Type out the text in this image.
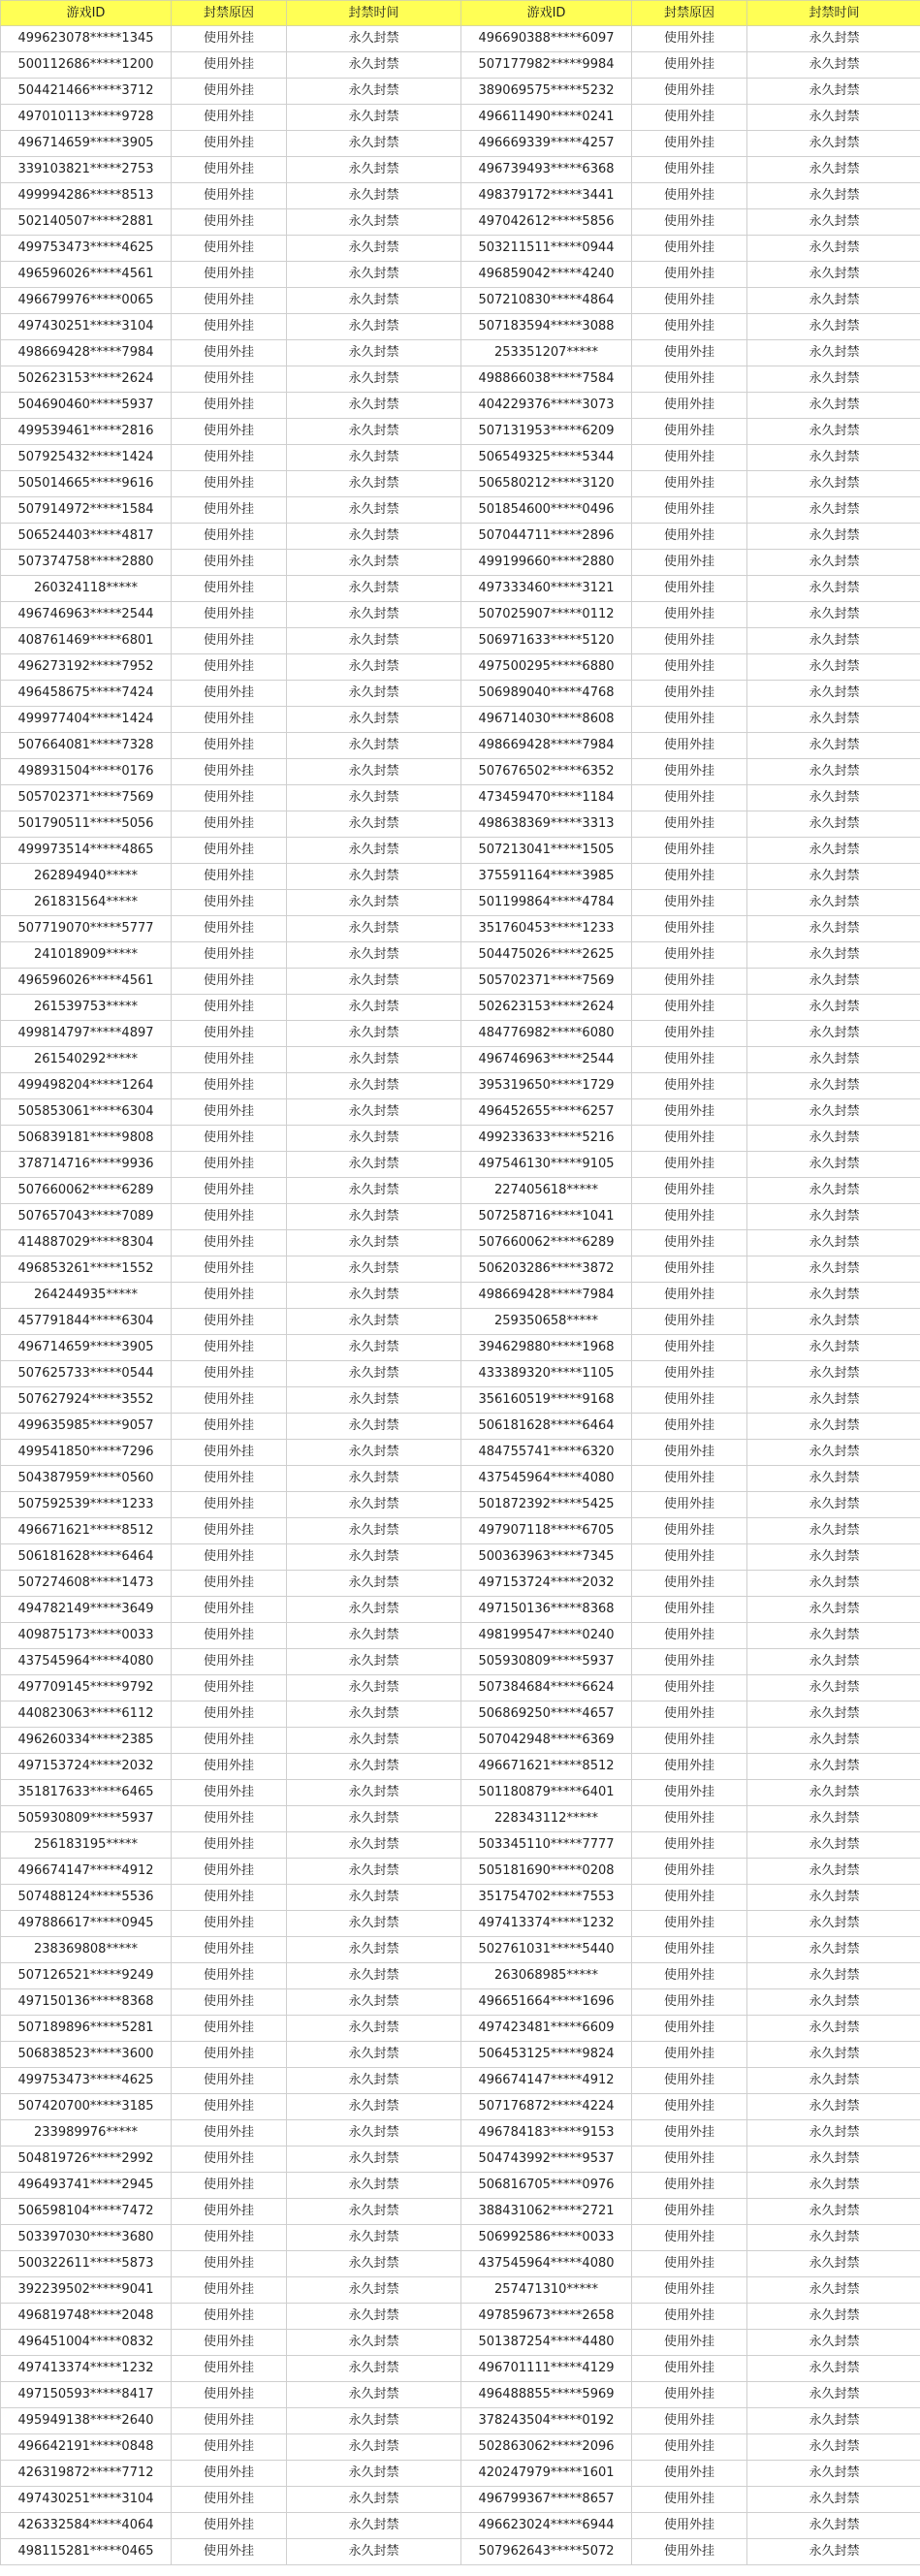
游戏ID	封禁原因	封禁时间	游戏ID	封禁原因	封禁时间
499623078*****1345	使用外挂	永久封禁	496690388*****6097	使用外挂	永久封禁
500112686*****1200	使用外挂	永久封禁	507177982*****9984	使用外挂	永久封禁
504421466*****3712	使用外挂	永久封禁	389069575*****5232	使用外挂	永久封禁
497010113*****9728	使用外挂	永久封禁	496611490*****0241	使用外挂	永久封禁
496714659*****3905	使用外挂	永久封禁	496669339*****4257	使用外挂	永久封禁
339103821*****2753	使用外挂	永久封禁	496739493*****6368	使用外挂	永久封禁
499994286*****8513	使用外挂	永久封禁	498379172*****3441	使用外挂	永久封禁
502140507*****2881	使用外挂	永久封禁	497042612*****5856	使用外挂	永久封禁
499753473*****4625	使用外挂	永久封禁	503211511*****0944	使用外挂	永久封禁
496596026*****4561	使用外挂	永久封禁	496859042*****4240	使用外挂	永久封禁
496679976*****0065	使用外挂	永久封禁	507210830*****4864	使用外挂	永久封禁
497430251*****3104	使用外挂	永久封禁	507183594*****3088	使用外挂	永久封禁
498669428*****7984	使用外挂	永久封禁	253351207*****	使用外挂	永久封禁
502623153*****2624	使用外挂	永久封禁	498866038*****7584	使用外挂	永久封禁
504690460*****5937	使用外挂	永久封禁	404229376*****3073	使用外挂	永久封禁
499539461*****2816	使用外挂	永久封禁	507131953*****6209	使用外挂	永久封禁
507925432*****1424	使用外挂	永久封禁	506549325*****5344	使用外挂	永久封禁
505014665*****9616	使用外挂	永久封禁	506580212*****3120	使用外挂	永久封禁
507914972*****1584	使用外挂	永久封禁	501854600*****0496	使用外挂	永久封禁
506524403*****4817	使用外挂	永久封禁	507044711*****2896	使用外挂	永久封禁
507374758*****2880	使用外挂	永久封禁	499199660*****2880	使用外挂	永久封禁
260324118*****	使用外挂	永久封禁	497333460*****3121	使用外挂	永久封禁
496746963*****2544	使用外挂	永久封禁	507025907*****0112	使用外挂	永久封禁
408761469*****6801	使用外挂	永久封禁	506971633*****5120	使用外挂	永久封禁
496273192*****7952	使用外挂	永久封禁	497500295*****6880	使用外挂	永久封禁
496458675*****7424	使用外挂	永久封禁	506989040*****4768	使用外挂	永久封禁
499977404*****1424	使用外挂	永久封禁	496714030*****8608	使用外挂	永久封禁
507664081*****7328	使用外挂	永久封禁	498669428*****7984	使用外挂	永久封禁
498931504*****0176	使用外挂	永久封禁	507676502*****6352	使用外挂	永久封禁
505702371*****7569	使用外挂	永久封禁	473459470*****1184	使用外挂	永久封禁
501790511*****5056	使用外挂	永久封禁	498638369*****3313	使用外挂	永久封禁
499973514*****4865	使用外挂	永久封禁	507213041*****1505	使用外挂	永久封禁
262894940*****	使用外挂	永久封禁	375591164*****3985	使用外挂	永久封禁
261831564*****	使用外挂	永久封禁	501199864*****4784	使用外挂	永久封禁
507719070*****5777	使用外挂	永久封禁	351760453*****1233	使用外挂	永久封禁
241018909*****	使用外挂	永久封禁	504475026*****2625	使用外挂	永久封禁
496596026*****4561	使用外挂	永久封禁	505702371*****7569	使用外挂	永久封禁
261539753*****	使用外挂	永久封禁	502623153*****2624	使用外挂	永久封禁
499814797*****4897	使用外挂	永久封禁	484776982*****6080	使用外挂	永久封禁
261540292*****	使用外挂	永久封禁	496746963*****2544	使用外挂	永久封禁
499498204*****1264	使用外挂	永久封禁	395319650*****1729	使用外挂	永久封禁
505853061*****6304	使用外挂	永久封禁	496452655*****6257	使用外挂	永久封禁
506839181*****9808	使用外挂	永久封禁	499233633*****5216	使用外挂	永久封禁
378714716*****9936	使用外挂	永久封禁	497546130*****9105	使用外挂	永久封禁
507660062*****6289	使用外挂	永久封禁	227405618*****	使用外挂	永久封禁
507657043*****7089	使用外挂	永久封禁	507258716*****1041	使用外挂	永久封禁
414887029*****8304	使用外挂	永久封禁	507660062*****6289	使用外挂	永久封禁
496853261*****1552	使用外挂	永久封禁	506203286*****3872	使用外挂	永久封禁
264244935*****	使用外挂	永久封禁	498669428*****7984	使用外挂	永久封禁
457791844*****6304	使用外挂	永久封禁	259350658*****	使用外挂	永久封禁
496714659*****3905	使用外挂	永久封禁	394629880*****1968	使用外挂	永久封禁
507625733*****0544	使用外挂	永久封禁	433389320*****1105	使用外挂	永久封禁
507627924*****3552	使用外挂	永久封禁	356160519*****9168	使用外挂	永久封禁
499635985*****9057	使用外挂	永久封禁	506181628*****6464	使用外挂	永久封禁
499541850*****7296	使用外挂	永久封禁	484755741*****6320	使用外挂	永久封禁
504387959*****0560	使用外挂	永久封禁	437545964*****4080	使用外挂	永久封禁
507592539*****1233	使用外挂	永久封禁	501872392*****5425	使用外挂	永久封禁
496671621*****8512	使用外挂	永久封禁	497907118*****6705	使用外挂	永久封禁
506181628*****6464	使用外挂	永久封禁	500363963*****7345	使用外挂	永久封禁
507274608*****1473	使用外挂	永久封禁	497153724*****2032	使用外挂	永久封禁
494782149*****3649	使用外挂	永久封禁	497150136*****8368	使用外挂	永久封禁
409875173*****0033	使用外挂	永久封禁	498199547*****0240	使用外挂	永久封禁
437545964*****4080	使用外挂	永久封禁	505930809*****5937	使用外挂	永久封禁
497709145*****9792	使用外挂	永久封禁	507384684*****6624	使用外挂	永久封禁
440823063*****6112	使用外挂	永久封禁	506869250*****4657	使用外挂	永久封禁
496260334*****2385	使用外挂	永久封禁	507042948*****6369	使用外挂	永久封禁
497153724*****2032	使用外挂	永久封禁	496671621*****8512	使用外挂	永久封禁
351817633*****6465	使用外挂	永久封禁	501180879*****6401	使用外挂	永久封禁
505930809*****5937	使用外挂	永久封禁	228343112*****	使用外挂	永久封禁
256183195*****	使用外挂	永久封禁	503345110*****7777	使用外挂	永久封禁
496674147*****4912	使用外挂	永久封禁	505181690*****0208	使用外挂	永久封禁
507488124*****5536	使用外挂	永久封禁	351754702*****7553	使用外挂	永久封禁
497886617*****0945	使用外挂	永久封禁	497413374*****1232	使用外挂	永久封禁
238369808*****	使用外挂	永久封禁	502761031*****5440	使用外挂	永久封禁
507126521*****9249	使用外挂	永久封禁	263068985*****	使用外挂	永久封禁
497150136*****8368	使用外挂	永久封禁	496651664*****1696	使用外挂	永久封禁
507189896*****5281	使用外挂	永久封禁	497423481*****6609	使用外挂	永久封禁
506838523*****3600	使用外挂	永久封禁	506453125*****9824	使用外挂	永久封禁
499753473*****4625	使用外挂	永久封禁	496674147*****4912	使用外挂	永久封禁
507420700*****3185	使用外挂	永久封禁	507176872*****4224	使用外挂	永久封禁
233989976*****	使用外挂	永久封禁	496784183*****9153	使用外挂	永久封禁
504819726*****2992	使用外挂	永久封禁	504743992*****9537	使用外挂	永久封禁
496493741*****2945	使用外挂	永久封禁	506816705*****0976	使用外挂	永久封禁
506598104*****7472	使用外挂	永久封禁	388431062*****2721	使用外挂	永久封禁
503397030*****3680	使用外挂	永久封禁	506992586*****0033	使用外挂	永久封禁
500322611*****5873	使用外挂	永久封禁	437545964*****4080	使用外挂	永久封禁
392239502*****9041	使用外挂	永久封禁	257471310*****	使用外挂	永久封禁
496819748*****2048	使用外挂	永久封禁	497859673*****2658	使用外挂	永久封禁
496451004*****0832	使用外挂	永久封禁	501387254*****4480	使用外挂	永久封禁
497413374*****1232	使用外挂	永久封禁	496701111*****4129	使用外挂	永久封禁
497150593*****8417	使用外挂	永久封禁	496488855*****5969	使用外挂	永久封禁
495949138*****2640	使用外挂	永久封禁	378243504*****0192	使用外挂	永久封禁
496642191*****0848	使用外挂	永久封禁	502863062*****2096	使用外挂	永久封禁
426319872*****7712	使用外挂	永久封禁	420247979*****1601	使用外挂	永久封禁
497430251*****3104	使用外挂	永久封禁	496799367*****8657	使用外挂	永久封禁
426332584*****4064	使用外挂	永久封禁	496623024*****6944	使用外挂	永久封禁
498115281*****0465	使用外挂	永久封禁	507962643*****5072	使用外挂	永久封禁
